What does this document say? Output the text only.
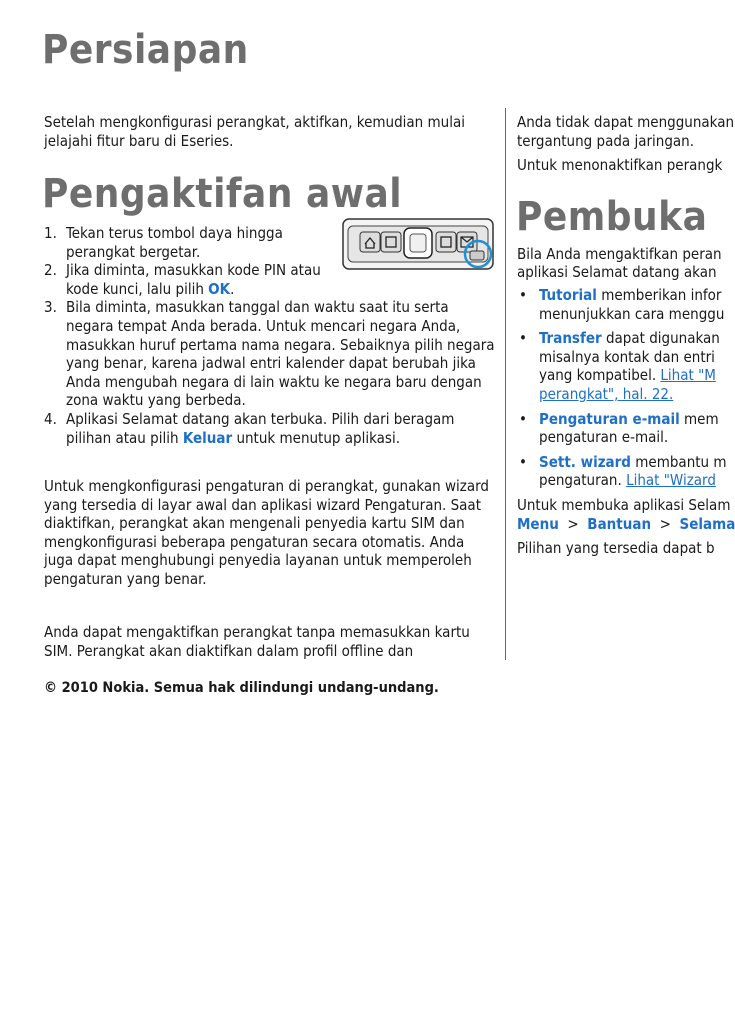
Persiapan

Setelah mengkonfigurasi perangkat, aktifkan, kemudian mulai jelajahi fitur baru di Eseries.

Pengaktifan awal
1. Tekan terus tombol daya hingga perangkat bergetar.
2. Jika diminta, masukkan kode PIN atau kode kunci, lalu pilih OK.
3. Bila diminta, masukkan tanggal dan waktu saat itu serta negara tempat Anda berada. Untuk mencari negara Anda, masukkan huruf pertama nama negara. Sebaiknya pilih negara yang benar, karena jadwal entri kalender dapat berubah jika Anda mengubah negara di lain waktu ke negara baru dengan zona waktu yang berbeda.
4. Aplikasi Selamat datang akan terbuka. Pilih dari beragam pilihan atau pilih Keluar untuk menutup aplikasi.

Untuk mengkonfigurasi pengaturan di perangkat, gunakan wizard yang tersedia di layar awal dan aplikasi wizard Pengaturan. Saat diaktifkan, perangkat akan mengenali penyedia kartu SIM dan mengkonfigurasi beberapa pengaturan secara otomatis. Anda juga dapat menghubungi penyedia layanan untuk memperoleh pengaturan yang benar.

Anda dapat mengaktifkan perangkat tanpa memasukkan kartu SIM. Perangkat akan diaktifkan dalam profil offline dan

Anda tidak dapat menggunakan

tergantung pada jaringan.

Untuk menonaktifkan perangk

Pembuka

Bila Anda mengaktifkan peran

aplikasi Selamat datang akan

• Tutorial memberikan infor
menunjukkan cara menggu
• Transfer dapat digunakan
misalnya kontak dan entri
yang kompatibel. Lihat "M
perangkat", hal. 22.
• Pengaturan e-mail mem
pengaturan e-mail.
• Sett. wizard membantu m
pengaturan. Lihat "Wizard

Untuk membuka aplikasi Selam

Menu > Bantuan > Selama

Pilihan yang tersedia dapat b

© 2010 Nokia. Semua hak dilindungi undang-undang.
